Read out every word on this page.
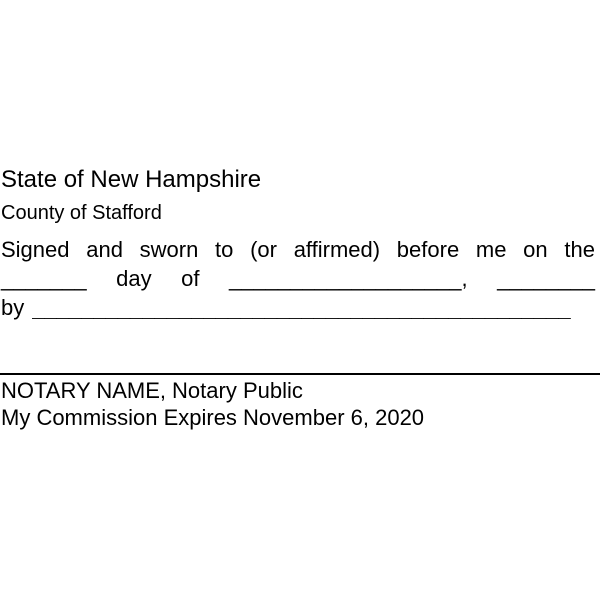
State of New Hampshire
County of Stafford
Signed and sworn to (or affirmed) before me on the
_______ day of ___________________, ________
by ____________________________________________
NOTARY NAME, Notary Public
My Commission Expires November 6, 2020
